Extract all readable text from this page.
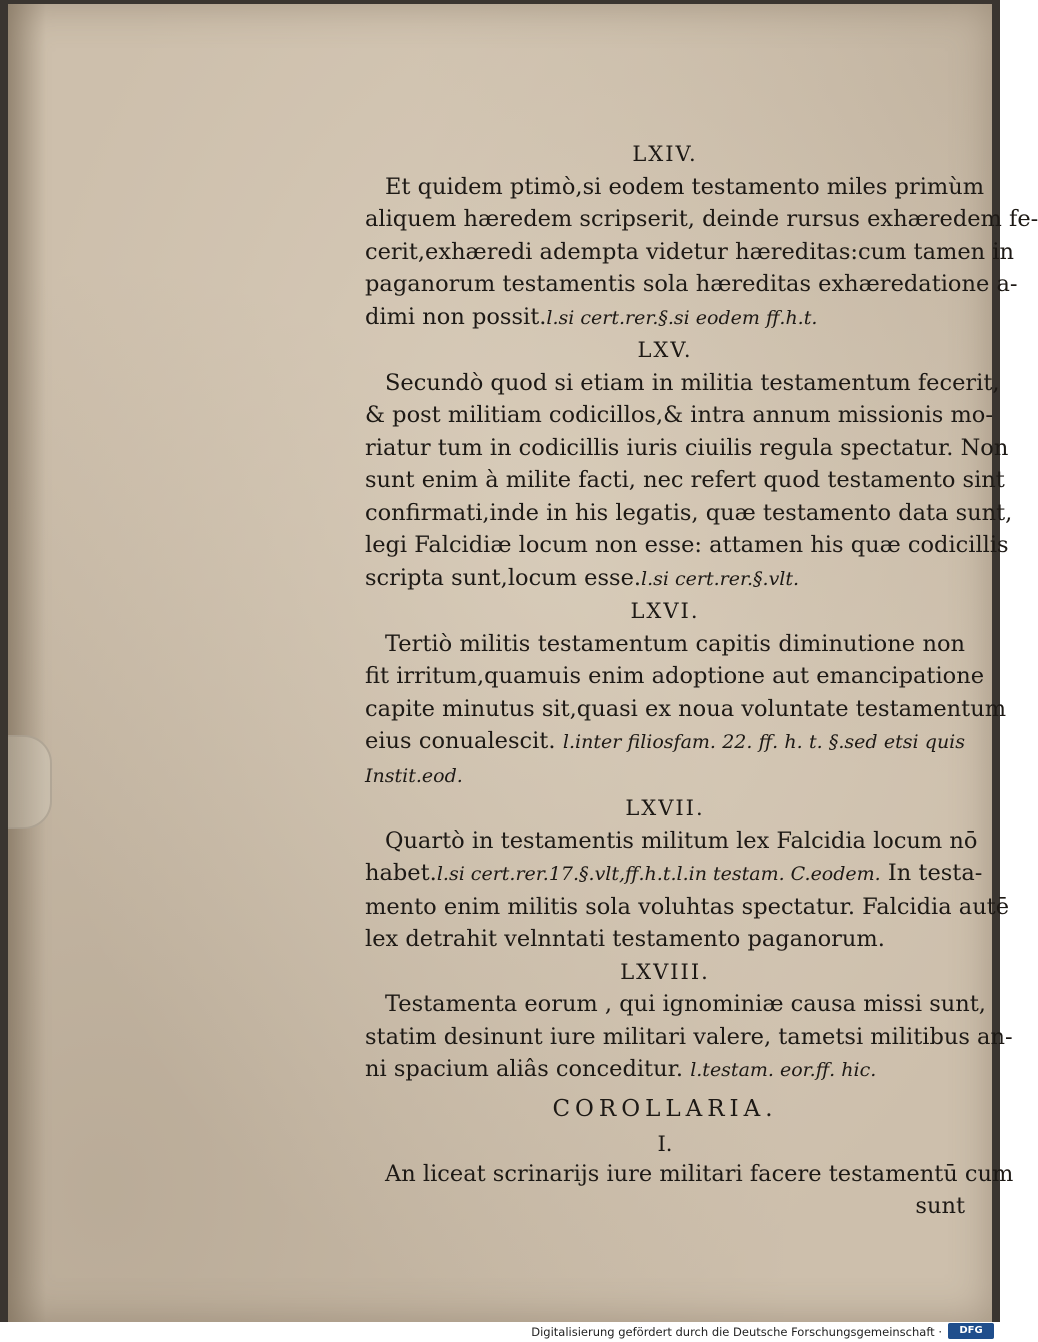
LXIV.

Et quidem ptimò,si eodem testamento miles primùm
aliquem hæredem scripserit, deinde rursus exhæredem fe-
cerit,exhæredi adempta videtur hæreditas:cum tamen in
paganorum testamentis sola hæreditas exhæredatione a-
dimi non possit.l.si cert.rer.§.si eodem ff.h.t.

LXV.

Secundò quod si etiam in militia testamentum fecerit,
& post militiam codicillos,& intra annum missionis mo-
riatur tum in codicillis iuris ciuilis regula spectatur. Non
sunt enim à milite facti, nec refert quod testamento sint
confirmati,inde in his legatis, quæ testamento data sunt,
legi Falcidiæ locum non esse: attamen his quæ codicillis
scripta sunt,locum esse.l.si cert.rer.§.vlt.

LXVI.

Tertiò militis testamentum capitis diminutione non
fit irritum,quamuis enim adoptione aut emancipatione
capite minutus sit,quasi ex noua voluntate testamentum
eius conualescit. l.inter filiosfam. 22. ff. h. t. §.sed etsi quis Instit.eod.

LXVII.

Quartò in testamentis militum lex Falcidia locum nō
habet.l.si cert.rer.17.§.vlt,ff.h.t.l.in testam. C.eodem. In testa-
mento enim militis sola voluhtas spectatur. Falcidia autē
lex detrahit velnntati testamento paganorum.

LXVIII.

Testamenta eorum , qui ignominiæ causa missi sunt,
statim desinunt iure militari valere, tametsi militibus an-
ni spacium aliâs conceditur. l.testam. eor.ff. hic.

COROLLARIA.

I.

An liceat scrinarijs iure militari facere testamentū cum
sunt
Digitalisierung gefördert durch die Deutsche Forschungsgemeinschaft ·	DFG
